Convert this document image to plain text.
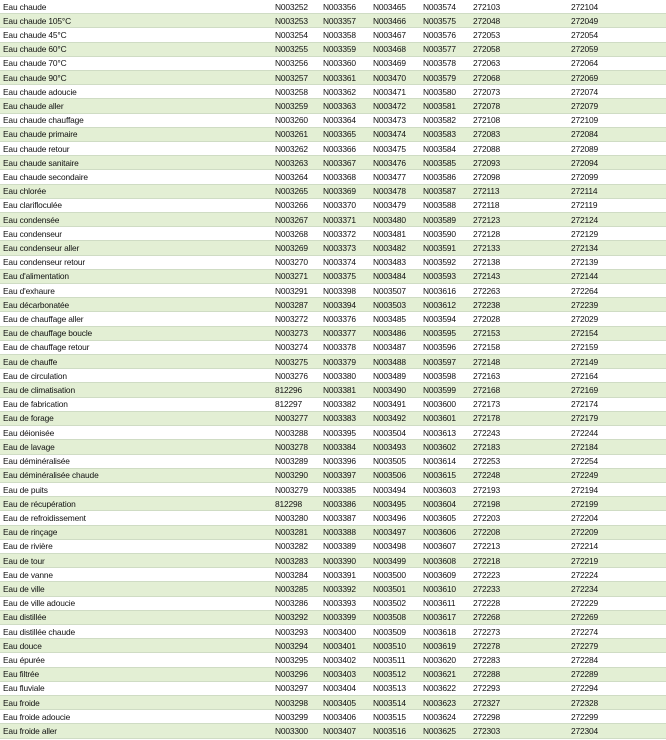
Eau chaude	N003252	N003356	N003465	N003574	272103	272104
Eau chaude 105°C	N003253	N003357	N003466	N003575	272048	272049
Eau chaude 45°C	N003254	N003358	N003467	N003576	272053	272054
Eau chaude 60°C	N003255	N003359	N003468	N003577	272058	272059
Eau chaude 70°C	N003256	N003360	N003469	N003578	272063	272064
Eau chaude 90°C	N003257	N003361	N003470	N003579	272068	272069
Eau chaude adoucie	N003258	N003362	N003471	N003580	272073	272074
Eau chaude aller	N003259	N003363	N003472	N003581	272078	272079
Eau chaude chauffage	N003260	N003364	N003473	N003582	272108	272109
Eau chaude primaire	N003261	N003365	N003474	N003583	272083	272084
Eau chaude retour	N003262	N003366	N003475	N003584	272088	272089
Eau chaude sanitaire	N003263	N003367	N003476	N003585	272093	272094
Eau chaude secondaire	N003264	N003368	N003477	N003586	272098	272099
Eau chlorée	N003265	N003369	N003478	N003587	272113	272114
Eau clarifloculée	N003266	N003370	N003479	N003588	272118	272119
Eau condensée	N003267	N003371	N003480	N003589	272123	272124
Eau condenseur	N003268	N003372	N003481	N003590	272128	272129
Eau condenseur aller	N003269	N003373	N003482	N003591	272133	272134
Eau condenseur retour	N003270	N003374	N003483	N003592	272138	272139
Eau d'alimentation	N003271	N003375	N003484	N003593	272143	272144
Eau d'exhaure	N003291	N003398	N003507	N003616	272263	272264
Eau décarbonatée	N003287	N003394	N003503	N003612	272238	272239
Eau de chauffage aller	N003272	N003376	N003485	N003594	272028	272029
Eau de chauffage boucle	N003273	N003377	N003486	N003595	272153	272154
Eau de chauffage retour	N003274	N003378	N003487	N003596	272158	272159
Eau de chauffe	N003275	N003379	N003488	N003597	272148	272149
Eau de circulation	N003276	N003380	N003489	N003598	272163	272164
Eau de climatisation	812296	N003381	N003490	N003599	272168	272169
Eau de fabrication	812297	N003382	N003491	N003600	272173	272174
Eau de forage	N003277	N003383	N003492	N003601	272178	272179
Eau déionisée	N003288	N003395	N003504	N003613	272243	272244
Eau de lavage	N003278	N003384	N003493	N003602	272183	272184
Eau déminéralisée	N003289	N003396	N003505	N003614	272253	272254
Eau déminéralisée chaude	N003290	N003397	N003506	N003615	272248	272249
Eau de puits	N003279	N003385	N003494	N003603	272193	272194
Eau de récupération	812298	N003386	N003495	N003604	272198	272199
Eau de refroidissement	N003280	N003387	N003496	N003605	272203	272204
Eau de rinçage	N003281	N003388	N003497	N003606	272208	272209
Eau de rivière	N003282	N003389	N003498	N003607	272213	272214
Eau de tour	N003283	N003390	N003499	N003608	272218	272219
Eau de vanne	N003284	N003391	N003500	N003609	272223	272224
Eau de ville	N003285	N003392	N003501	N003610	272233	272234
Eau de ville adoucie	N003286	N003393	N003502	N003611	272228	272229
Eau distillée	N003292	N003399	N003508	N003617	272268	272269
Eau distillée chaude	N003293	N003400	N003509	N003618	272273	272274
Eau douce	N003294	N003401	N003510	N003619	272278	272279
Eau épurée	N003295	N003402	N003511	N003620	272283	272284
Eau filtrée	N003296	N003403	N003512	N003621	272288	272289
Eau fluviale	N003297	N003404	N003513	N003622	272293	272294
Eau froide	N003298	N003405	N003514	N003623	272327	272328
Eau froide adoucie	N003299	N003406	N003515	N003624	272298	272299
Eau froide aller	N003300	N003407	N003516	N003625	272303	272304
